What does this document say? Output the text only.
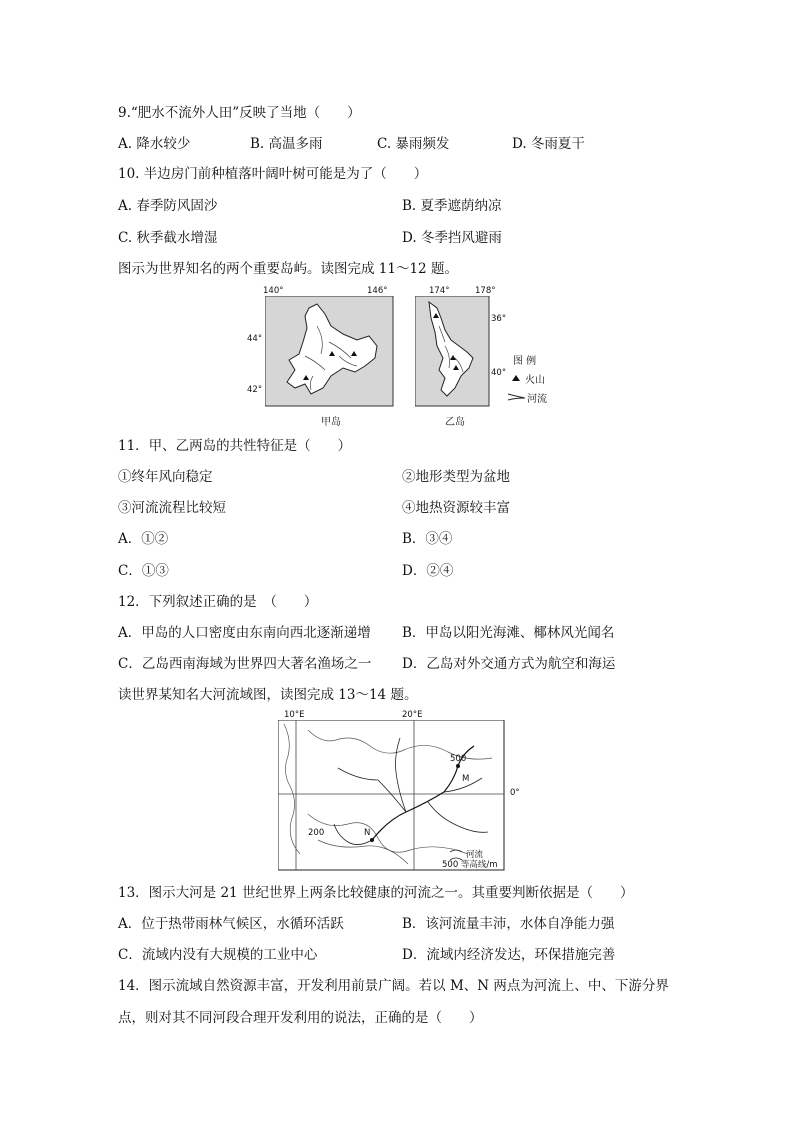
9.“肥水不流外人田”反映了当地（　　）
A. 降水较少	B. 高温多雨	C. 暴雨频发	D. 冬雨夏干
10. 半边房门前种植落叶阔叶树可能是为了（　　）
A. 春季防风固沙	B. 夏季遮荫纳凉
C. 秋季截水增湿	D. 冬季挡风避雨
图示为世界知名的两个重要岛屿。读图完成 11～12 题。
140°	146°
44°
42°
甲岛
174°	178°
36°
40°
乙岛
图 例
火山
河流
11．甲、乙两岛的共性特征是（　　）
①终年风向稳定	②地形类型为盆地
③河流流程比较短	④地热资源较丰富
A．①②	B．③④
C．①③	D．②④
12．下列叙述正确的是　（　　）
A．甲岛的人口密度由东南向西北逐渐递增 B．甲岛以阳光海滩、椰林风光闻名
C．乙岛西南海域为世界四大著名渔场之一 D．乙岛对外交通方式为航空和海运
读世界某知名大河流域图，读图完成 13～14 题。
10°E	20°E
0°
500
200
M
N
河流
500 等高线/m
13．图示大河是 21 世纪世界上两条比较健康的河流之一。其重要判断依据是（　　）
A．位于热带雨林气候区，水循环活跃	B．该河流量丰沛，水体自净能力强
C．流域内没有大规模的工业中心	D．流域内经济发达，环保措施完善
14．图示流域自然资源丰富，开发利用前景广阔。若以 M、N 两点为河流上、中、下游分界
点，则对其不同河段合理开发利用的说法，正确的是（　　）
